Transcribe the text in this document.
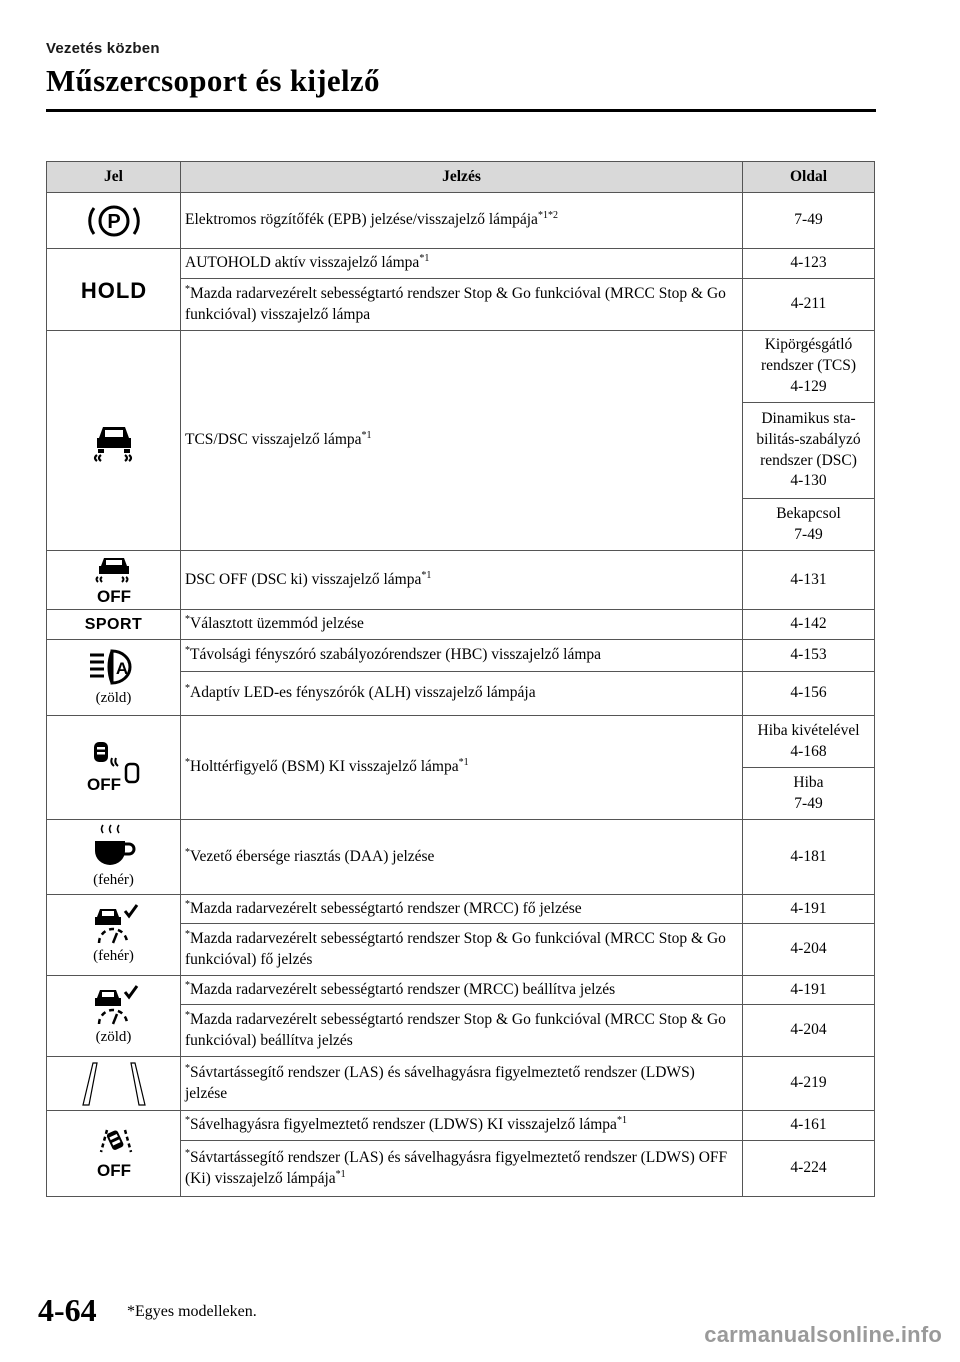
Vezetés közben
Műszercsoport és kijelző
Jel	Jelzés	Oldal

P	Elektromos rögzítőfék (EPB) jelzése/visszajelző lámpája$^{*1*2}$	7-49

HOLD	AUTOHOLD aktív visszajelző lámpa$^{*1}$	4-123
	*Mazda radarvezérelt sebességtartó rendszer Stop & Go funkcióval (MRCC Stop & Go funkcióval) visszajelző lámpa	4-211

	TCS/DSC visszajelző lámpa$^{*1}$	Kipörgésgátló
rendszer (TCS)
4-129
		Dinamikus sta-
bilitás-szabályzó
rendszer (DSC)
4-130
		Bekapcsol
7-49

OFF	DSC OFF (DSC ki) visszajelző lámpa$^{*1}$	4-131
SPORT	*Választott üzemmód jelzése	4-142

A
(zöld)	*Távolsági fényszóró szabályozórendszer (HBC) visszajelző lámpa	4-153
	*Adaptív LED-es fényszórók (ALH) visszajelző lámpája	4-156

OFF	*Holttérfigyelő (BSM) KI visszajelző lámpa$^{*1}$	Hiba kivételével
4-168
		Hiba
7-49

(fehér)	*Vezető ébersége riasztás (DAA) jelzése	4-181

(fehér)	*Mazda radarvezérelt sebességtartó rendszer (MRCC) fő jelzése	4-191
	*Mazda radarvezérelt sebességtartó rendszer Stop & Go funkcióval (MRCC Stop & Go funkcióval) fő jelzés	4-204

(zöld)	*Mazda radarvezérelt sebességtartó rendszer (MRCC) beállítva jelzés	4-191
	*Mazda radarvezérelt sebességtartó rendszer Stop & Go funkcióval (MRCC Stop & Go funkcióval) beállítva jelzés	4-204

	*Sávtartássegítő rendszer (LAS) és sávelhagyásra figyelmeztető rendszer (LDWS) jelzése	4-219

OFF	*Sávelhagyásra figyelmeztető rendszer (LDWS) KI visszajelző lámpa$^{*1}$	4-161
	*Sávtartássegítő rendszer (LAS) és sávelhagyásra figyelmeztető rendszer (LDWS) OFF (Ki) visszajelző lámpája$^{*1}$	4-224
4-64 *Egyes modelleken.
carmanualsonline.info
